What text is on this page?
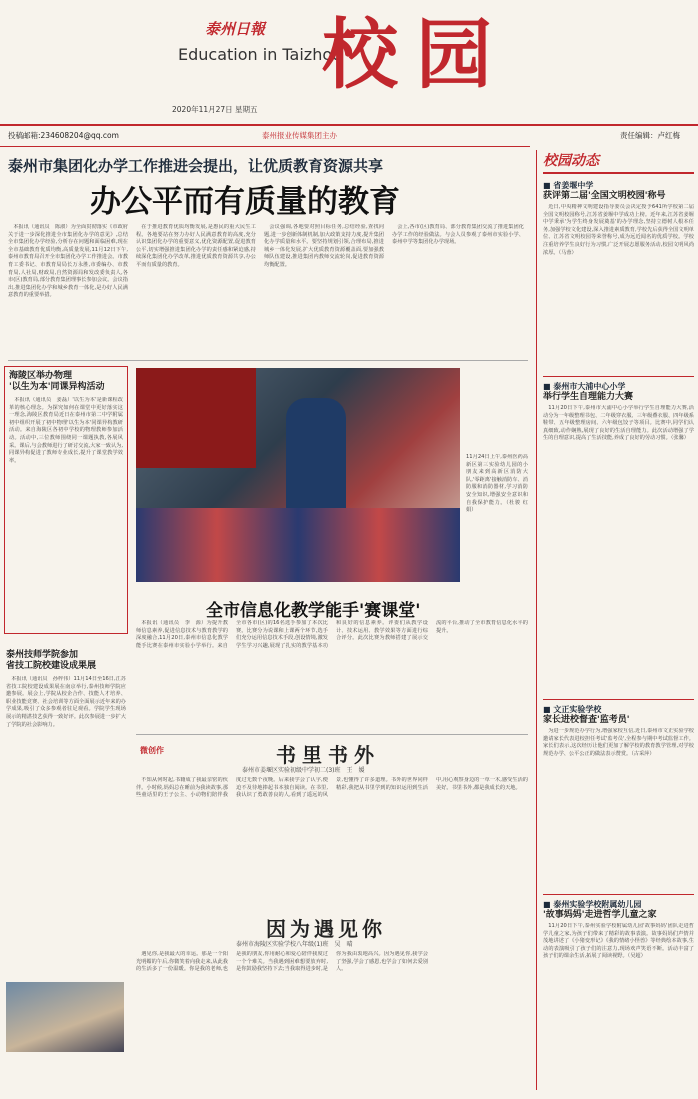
泰州日報
Education in Taizhou
校园
2020年11月27日 星期五
投稿邮箱:234608204@qq.com	泰州报业传媒集团主办	责任编辑：卢红梅
泰州市集团化办学工作推进会提出，让优质教育资源共享
办公平而有质量的教育

本报讯（通讯员　陈淑）为全面贯彻落实《市政府关于进一步深化推进全市集团化办学的意见》,总结全市集团化办学经验,分析存在问题和面临困难,现在全市基础教育优质均衡,高质量发展,11月12日下午,泰州市教育局召开全市集团化办学工作推进会。市教育工委书记、市教育局局长万永胜,市委编办、市教育局,人社局,财政局,自然资源局和发改委负责人,各市(区)教育局,部分教育集团理事长参加会议。会议指出,推进集团化办学和城乡教育一体化,是办好人民满意教育的重要举措。

在于推进教育优质均衡发展,是惠民的重大民生工程。各地要站在努力办好人民满意教育的高度,充分认识集团化办学的重要意义,优化资源配置,促进教育公平,切实增强推进集团化办学的责任感和紧迫感,持续深化集团化办学改革,推进优质教育资源共享,办公平而有质量的教育。

会议强调,各地要对照目标任务,总结经验,查找问题,进一步创新体制机制,加大政策支持力度,提升集团化办学质量和水平。要坚持规划引领,合理布局,推进城乡一体化发展,扩大优质教育资源覆盖面,要加强教师队伍建设,推进集团内教师交流轮岗,促进教育资源均衡配置。

会上,各市(区)教育局、部分教育集团交流了推进集团化办学工作的经验做法。与会人员参观了泰州市实验小学、泰州中学等集团化办学现场。

海陵区举办物理
'以生为本'同课异构活动

本报讯（通讯员　姜磊）'以生为本'是新课程改革的核心理念。为探究如何在课堂中更好落实这一理念,海陵区教育局近日在泰州市第二中学附属初中组织开展了初中物理'以生为本'同课异构教研活动。来自海陵区各初中学校的物理教师参加活动。活动中,三位教师围绕同一课题执教,各展风采。课后,与会教师进行了研讨交流,大家一致认为,同课异构促进了教师专业成长,提升了课堂教学效率。

泰州技师学院参加
省技工院校建设成果展

本报讯（通讯员　孙梓伟）11月14日至16日,江苏省技工院校建设成果展在南京举行,泰州技师学院应邀参展。展会上,学院从校企合作、技能人才培养、职业技能竞赛、社会培训等方面全面展示近年来的办学成果,吸引了众多参观者驻足观看。学院学生现场展示的精湛技艺获得一致好评。此次参展进一步扩大了学院的社会影响力。

11月24日上午,泰州医药高新区第三实验幼儿园的小朋友来到高新区消防大队,'零距离'接触消防车、消防服和消防器材,学习消防安全知识,增强安全意识和自我保护能力。（杜骏 红娟）

全市信息化教学能手'赛课堂'

本报讯（通讯员　李　源）为提升教师信息素养,促进信息技术与教育教学的深度融合,11月20日,泰州市信息化教学能手比赛在泰州市实验小学举行。来自全市各市(区)的16名选手参加了本次比赛。比赛分为说课和上课两个环节,选手们充分运用信息技术手段,创设情境,激发学生学习兴趣,展现了扎实的教学基本功和良好的信息素养。评委们从教学设计、技术运用、教学效果等方面进行综合评分。此次比赛为教师搭建了展示交流的平台,推动了全市教育信息化水平的提升。

微创作	书里书外
泰州市姜堰区实验初级中学初二(3)班　王　媛

不知从何时起,书籍成了我最亲密的伙伴。小时候,妈妈总在睡前为我读故事,那些童话里的王子公主、小动物们陪伴我度过无数个夜晚。后来我学会了认字,便迫不及待地捧起书本独自阅读。在书里,我认识了勇敢善良的人,看到了遥远的风景,也懂得了许多道理。书外的世界同样精彩,我把从书里学到的知识运用到生活中,用心观察身边的一草一木,感受生活的美好。书里书外,都是我成长的天地。

因为遇见你
泰州市海陵区实验学校八年级(1)班　吴　晴

遇见你,是我最大的幸运。那是一个阳光明媚的午后,你微笑着向我走来,从此我的生活多了一份温暖。你是我的老师,也是我的朋友,你用耐心和爱心陪伴我度过一个个难关。当我遇到困难想要放弃时,是你鼓励我坚持下去;当我取得进步时,是你为我由衷地高兴。因为遇见你,我学会了坚强,学会了感恩,也学会了如何去爱别人。

校园动态
■ 省姜堰中学
获评第二届'全国文明校园'称号

近日,中央精神文明建设指导委员会决定授予641所学校第二届全国文明校园称号,江苏省姜堰中学成功上榜。近年来,江苏省姜堰中学秉承'为学生终身发展奠基'的办学理念,坚持立德树人根本任务,加强学校文化建设,深入推进素质教育,学校先后获得全国文明单位、江苏省文明校园等荣誉称号,成为远近闻名的优质学校。学校注重培养学生良好行为习惯,广泛开展志愿服务活动,校园文明风尚浓厚。（马蓉）

■ 泰州市大浦中心小学
举行学生自理能力大赛

11月20日下午,泰州市大浦中心小学举行学生自理能力大赛,活动分为一年级整理书包、二年级穿衣服、三年级叠衣服、四年级系鞋带、五年级整理房间、六年级包饺子等项目。比赛中,同学们认真细致,动作娴熟,展现了良好的生活自理能力。此次活动增强了学生的自理意识,提高了生活技能,养成了良好的劳动习惯。（张馨）

■ 文正实验学校
家长进校督查'监考员'

为进一步规范办学行为,增强家校互信,近日,泰州市文正实验学校邀请家长代表进校担任考试'监考员',全程参与期中考试监督工作。家长们表示,这次经历让他们更加了解学校的教育教学管理,对学校规范办学、公平公正的做法表示赞赏。（古采萍）

■ 泰州实验学校附属幼儿园
'故事妈妈'走进哲学儿童之家

11月20日下午,泰州实验学校附属幼儿园'故事妈妈'团队走进哲学儿童之家,为孩子们带来了精彩的故事表演。故事妈妈们声情并茂地讲述了《小猪变形记》《我的情绪小怪兽》等经典绘本故事,生动的表演吸引了孩子们的注意力,现场欢声笑语不断。活动丰富了孩子们的课余生活,拓展了阅读视野。（吴超）
